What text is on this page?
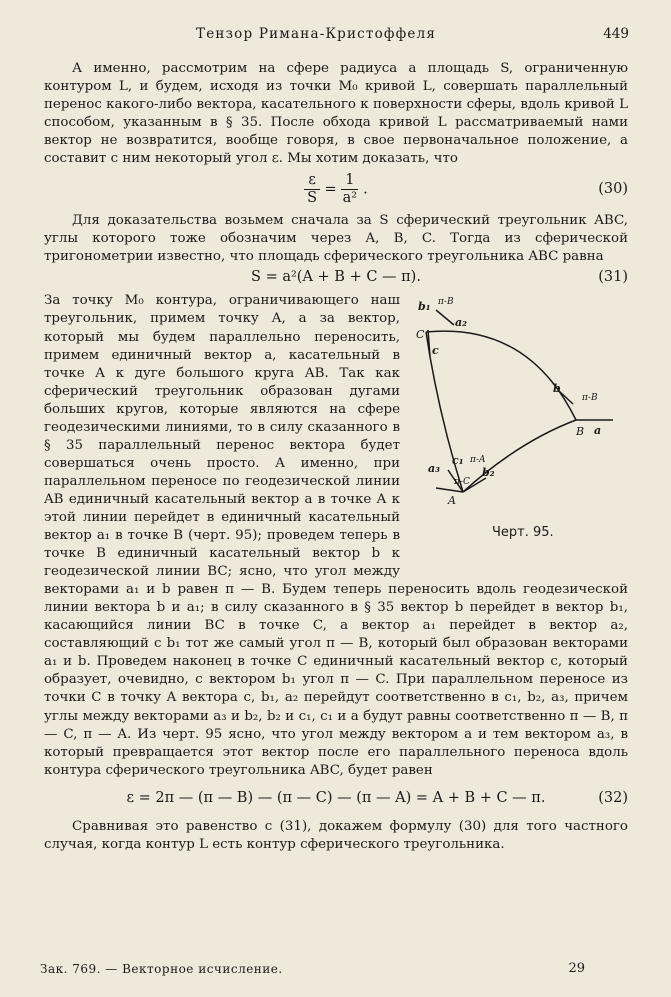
Тензор Римана-Кристоффеля	449

А именно, рассмотрим на сфере радиуса a площадь S, ограниченную контуром L, и будем, исходя из точки M₀ кривой L, совершать параллельный перенос какого-либо вектора, касательного к поверхности сферы, вдоль кривой L способом, указанным в § 35. После обхода кривой L рассматриваемый нами вектор не возвратится, вообще говоря, в свое первоначальное положение, а составит с ним некоторый угол ε. Мы хотим доказать, что

$\frac{\varepsilon}{S} = \frac{1}{\text{a²}}$ .	(30)

Для доказательства возьмем сначала за S сферический треугольник ABC, углы которого тоже обозначим через A, B, C. Тогда из сферической тригонометрии известно, что площадь сферического треугольника ABC равна

S = a²(A + B + C — π).	(31)
a
a₂
a₃
b
b₁
b₂
c
c₁
B
A
C
π-B
π-B
π-C
π-A
Черт. 95.

За точку M₀ контура, ограничивающего наш треугольник, примем точку A, а за вектор, который мы будем параллельно переносить, примем единичный вектор a, касательный в точке A к дуге большого круга AB. Так как сферический треугольник образован дугами больших кругов, которые являются на сфере геодезическими линиями, то в силу сказанного в § 35 параллельный перенос вектора будет совершаться очень просто. А именно, при параллельном переносе по геодезической линии AB единичный касательный вектор a в точке A к этой линии перейдет в единичный касательный вектор a₁ в точке B (черт. 95); проведем теперь в точке B единичный касательный вектор b к геодезической линии BC; ясно, что угол между векторами a₁ и b равен π — B. Будем теперь переносить вдоль геодезической линии вектора b и a₁; в силу сказанного в § 35 вектор b перейдет в вектор b₁, касающийся линии BC в точке C, а вектор a₁ перейдет в вектор a₂, составляющий с b₁ тот же самый угол π — B, который был образован векторами a₁ и b. Проведем наконец в точке C единичный касательный вектор c, который образует, очевидно, с вектором b₁ угол π — C. При параллельном переносе из точки C в точку A вектора c, b₁, a₂ перейдут соответственно в c₁, b₂, a₃, причем углы между векторами a₃ и b₂, b₂ и c₁, c₁ и a будут равны соответственно π — B, π — C, π — A. Из черт. 95 ясно, что угол между вектором a и тем вектором a₃, в который превращается этот вектор после его параллельного переноса вдоль контура сферического треугольника ABC, будет равен

ε = 2π — (π — B) — (π — C) — (π — A) = A + B + C — π.	(32)

Сравнивая это равенство с (31), докажем формулу (30) для того частного случая, когда контур L есть контур сферического треугольника.

Зак. 769. — Векторное исчисление.	29
